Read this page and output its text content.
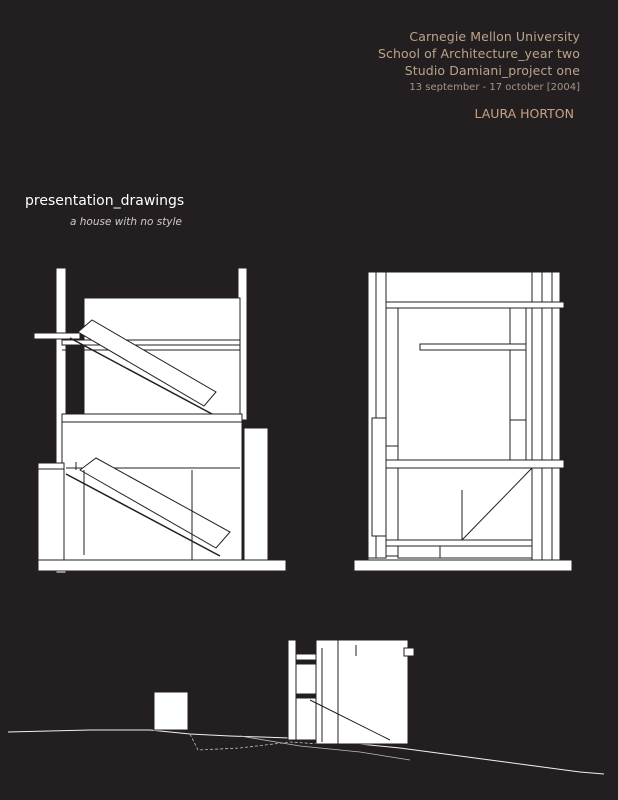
Carnegie Mellon University
School of Architecture_year two
Studio Damiani_project one
13 september - 17 october [2004]
LAURA HORTON
presentation_drawings
a house with no style
